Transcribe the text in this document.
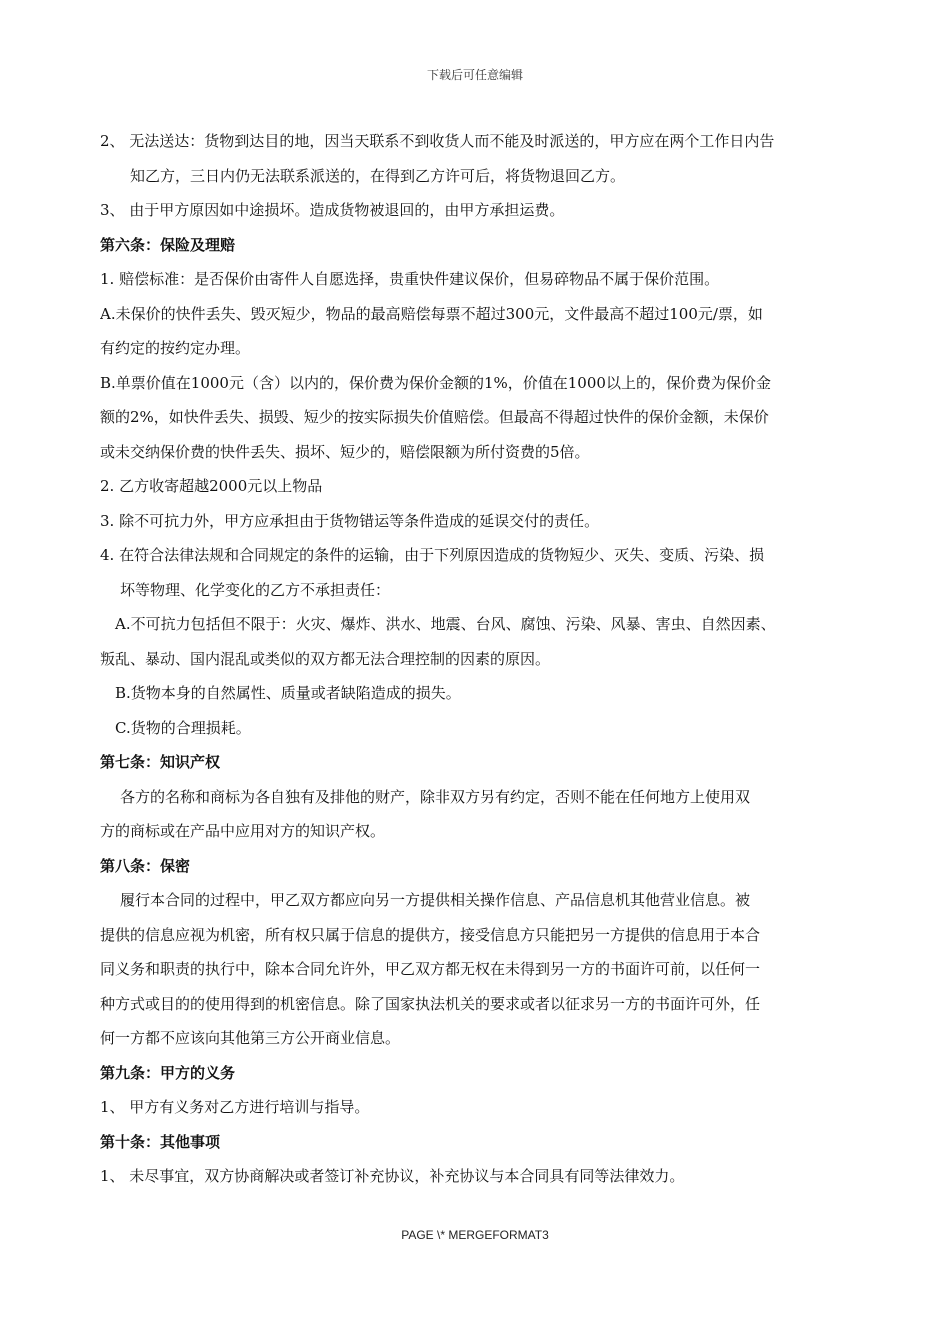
下载后可任意编辑
2、 无法送达：货物到达目的地，因当天联系不到收货人而不能及时派送的，甲方应在两个工作日内告
知乙方，三日内仍无法联系派送的，在得到乙方许可后，将货物退回乙方。
3、 由于甲方原因如中途损坏。造成货物被退回的，由甲方承担运费。
第六条：保险及理赔
1. 赔偿标准：是否保价由寄件人自愿选择，贵重快件建议保价，但易碎物品不属于保价范围。
A.未保价的快件丢失、毁灭短少，物品的最高赔偿每票不超过300元，文件最高不超过100元/票，如
有约定的按约定办理。
B.单票价值在1000元（含）以内的，保价费为保价金额的1%，价值在1000以上的，保价费为保价金
额的2%，如快件丢失、损毁、短少的按实际损失价值赔偿。但最高不得超过快件的保价金额，未保价
或未交纳保价费的快件丢失、损坏、短少的，赔偿限额为所付资费的5倍。
2. 乙方收寄超越2000元以上物品
3. 除不可抗力外，甲方应承担由于货物错运等条件造成的延误交付的责任。
4. 在符合法律法规和合同规定的条件的运输，由于下列原因造成的货物短少、灭失、变质、污染、损
坏等物理、化学变化的乙方不承担责任：
A.不可抗力包括但不限于：火灾、爆炸、洪水、地震、台风、腐蚀、污染、风暴、害虫、自然因素、
叛乱、暴动、国内混乱或类似的双方都无法合理控制的因素的原因。
B.货物本身的自然属性、质量或者缺陷造成的损失。
C.货物的合理损耗。
第七条：知识产权
各方的名称和商标为各自独有及排他的财产，除非双方另有约定，否则不能在任何地方上使用双
方的商标或在产品中应用对方的知识产权。
第八条：保密
履行本合同的过程中，甲乙双方都应向另一方提供相关操作信息、产品信息机其他营业信息。被
提供的信息应视为机密，所有权只属于信息的提供方，接受信息方只能把另一方提供的信息用于本合
同义务和职责的执行中，除本合同允许外，甲乙双方都无权在未得到另一方的书面许可前，以任何一
种方式或目的的使用得到的机密信息。除了国家执法机关的要求或者以征求另一方的书面许可外，任
何一方都不应该向其他第三方公开商业信息。
第九条：甲方的义务
1、 甲方有义务对乙方进行培训与指导。
第十条：其他事项
1、 未尽事宜，双方协商解决或者签订补充协议，补充协议与本合同具有同等法律效力。
PAGE \* MERGEFORMAT3
